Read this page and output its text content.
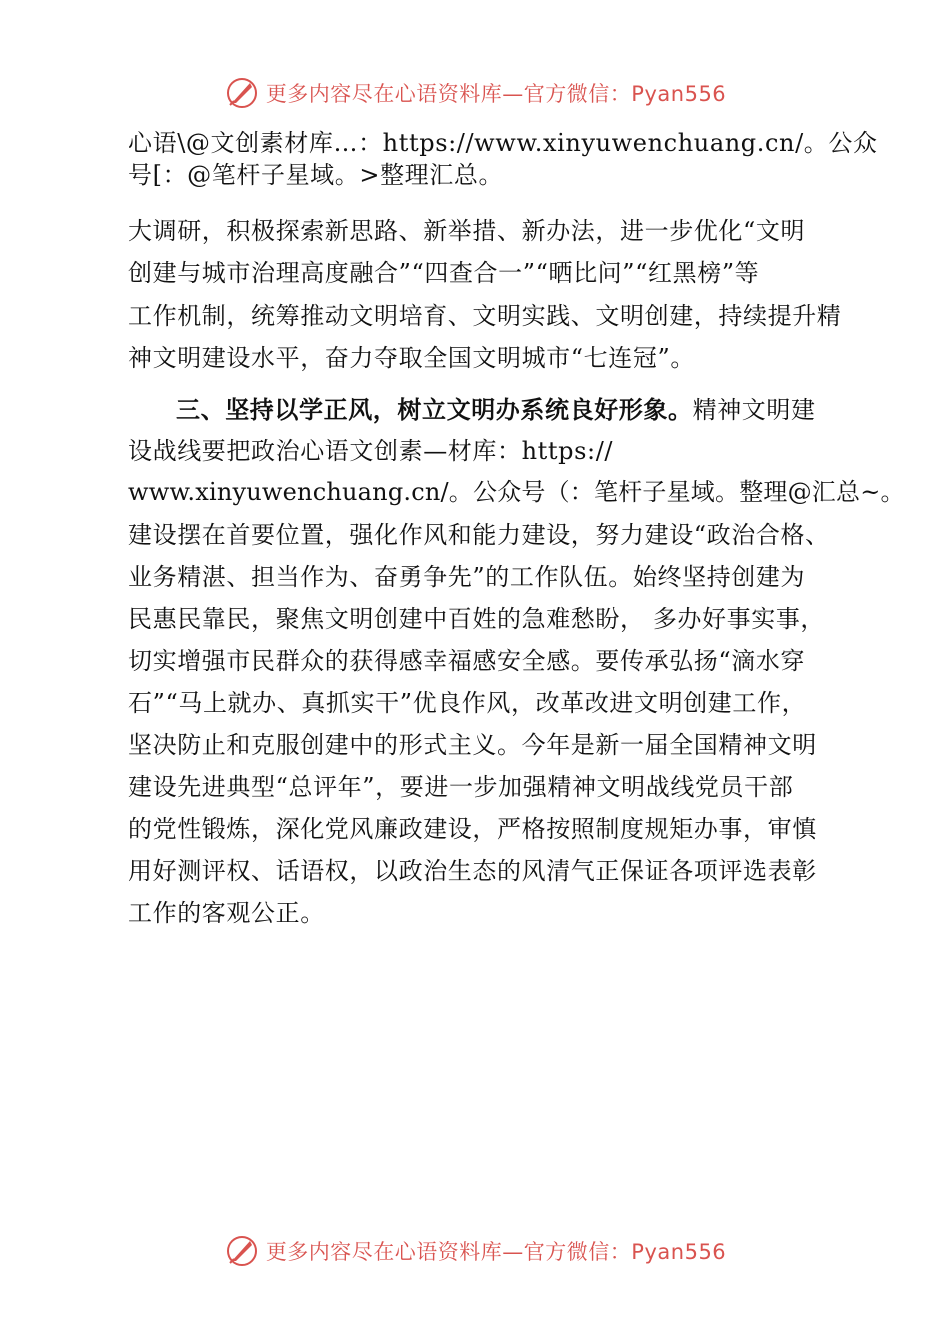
更多内容尽在心语资料库—官方微信：Pyan556
心语\@文创素材库…：https://www.xinyuwenchuang.cn/。公众
号[：@笔杆子星域。>整理汇总。
大调研，积极探索新思路、新举措、新办法，进一步优化“文明
创建与城市治理高度融合”“四查合一”“晒比问”“红黑榜”等
工作机制，统筹推动文明培育、文明实践、文明创建，持续提升精
神文明建设水平，奋力夺取全国文明城市“七连冠”。
三、坚持以学正风，树立文明办系统良好形象。精神文明建
设战线要把政治心语文创素—材库：https://
www.xinyuwenchuang.cn/。公众号（：笔杆子星域。整理@汇总~。
建设摆在首要位置，强化作风和能力建设，努力建设“政治合格、
业务精湛、担当作为、奋勇争先”的工作队伍。始终坚持创建为
民惠民靠民，聚焦文明创建中百姓的急难愁盼， 多办好事实事，
切实增强市民群众的获得感幸福感安全感。要传承弘扬“滴水穿
石”“马上就办、真抓实干”优良作风，改革改进文明创建工作，
坚决防止和克服创建中的形式主义。今年是新一届全国精神文明
建设先进典型“总评年”，要进一步加强精神文明战线党员干部
的党性锻炼，深化党风廉政建设，严格按照制度规矩办事，审慎
用好测评权、话语权，以政治生态的风清气正保证各项评选表彰
工作的客观公正。
更多内容尽在心语资料库—官方微信：Pyan556
